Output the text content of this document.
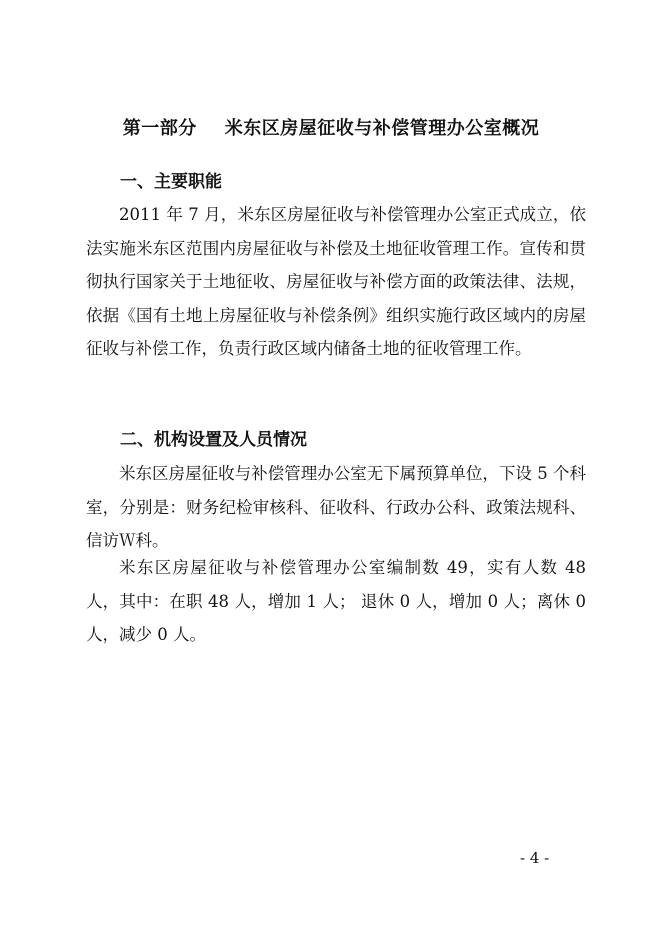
第一部分 米东区房屋征收与补偿管理办公室概况
一、主要职能

2011 年 7 月，米东区房屋征收与补偿管理办公室正式成立，依法实施米东区范围内房屋征收与补偿及土地征收管理工作。宣传和贯彻执行国家关于土地征收、房屋征收与补偿方面的政策法律、法规，依据《国有土地上房屋征收与补偿条例》组织实施行政区域内的房屋征收与补偿工作，负责行政区域内储备土地的征收管理工作。

二、机构设置及人员情况

米东区房屋征收与补偿管理办公室无下属预算单位，下设 5 个科室，分别是：财务纪检审核科、征收科、行政办公科、政策法规科、信访Ｗ科。

米东区房屋征收与补偿管理办公室编制数 49，实有人数 48 人，其中：在职 48 人，增加 1 人； 退休 0 人，增加 0 人；离休 0 人，减少 0 人。

- 4 -
